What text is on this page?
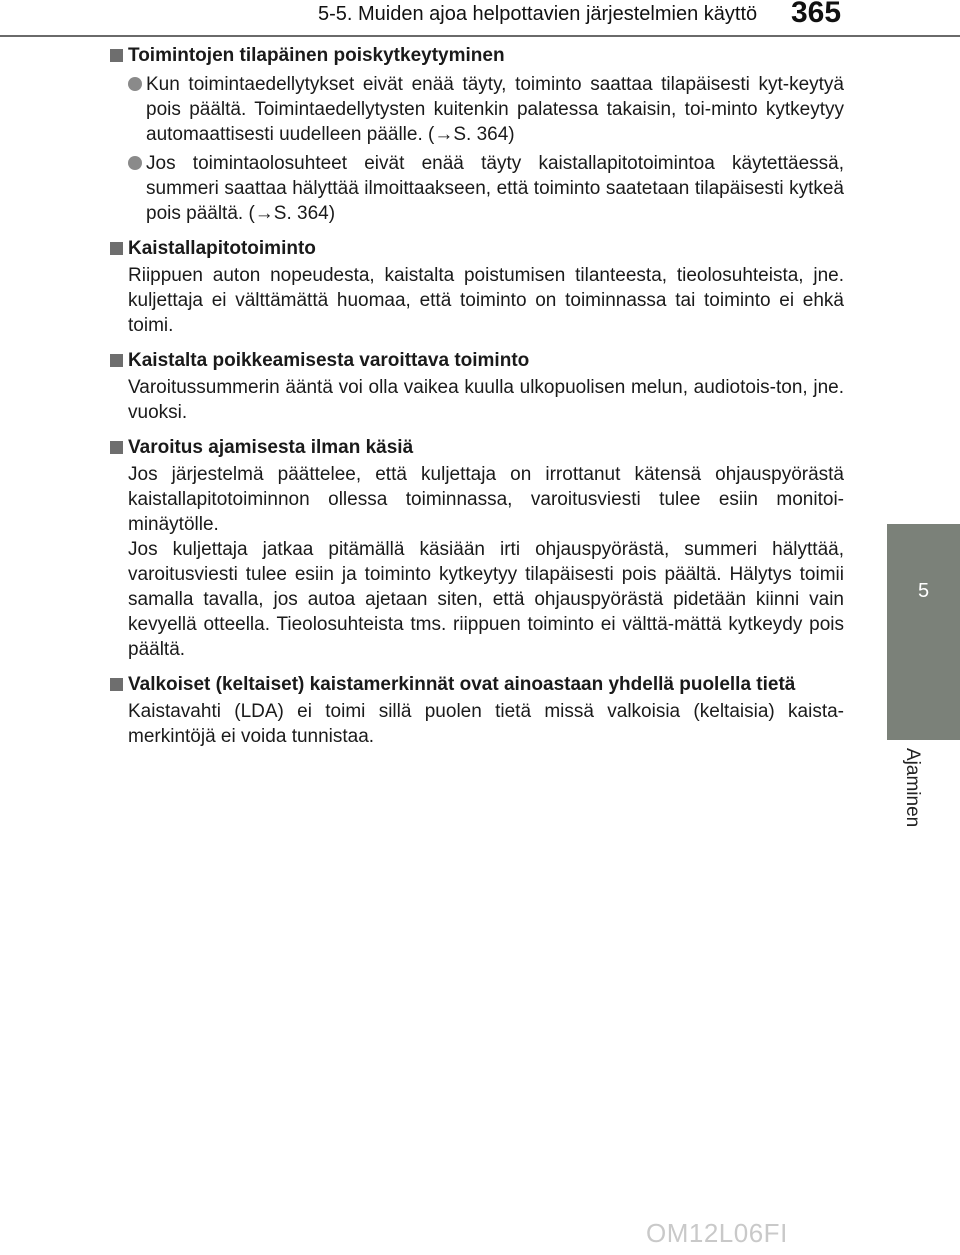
5-5. Muiden ajoa helpottavien järjestelmien käyttö 365
5
Ajaminen

Toimintojen tilapäinen poiskytkeytyminen

Kun toimintaedellytykset eivät enää täyty, toiminto saattaa tilapäisesti kyt-keytyä pois päältä. Toimintaedellytysten kuitenkin palatessa takaisin, toi-minto kytkeytyy automaattisesti uudelleen päälle. (→S. 364)
Jos toimintaolosuhteet eivät enää täyty kaistallapitotoimintoa käytettäessä, summeri saattaa hälyttää ilmoittaakseen, että toiminto saatetaan tilapäisesti kytkeä pois päältä. (→S. 364)

Kaistallapitotoiminto

Riippuen auton nopeudesta, kaistalta poistumisen tilanteesta, tieolosuhteista, jne. kuljettaja ei välttämättä huomaa, että toiminto on toiminnassa tai toiminto ei ehkä toimi.

Kaistalta poikkeamisesta varoittava toiminto

Varoitussummerin ääntä voi olla vaikea kuulla ulkopuolisen melun, audiotois-ton, jne. vuoksi.

Varoitus ajamisesta ilman käsiä

Jos järjestelmä päättelee, että kuljettaja on irrottanut kätensä ohjauspyörästä kaistallapitotoiminnon ollessa toiminnassa, varoitusviesti tulee esiin monitoi-minäytölle.

Jos kuljettaja jatkaa pitämällä käsiään irti ohjauspyörästä, summeri hälyttää, varoitusviesti tulee esiin ja toiminto kytkeytyy tilapäisesti pois päältä. Hälytys toimii samalla tavalla, jos autoa ajetaan siten, että ohjauspyörästä pidetään kiinni vain kevyellä otteella. Tieolosuhteista tms. riippuen toiminto ei välttä-mättä kytkeydy pois päältä.

Valkoiset (keltaiset) kaistamerkinnät ovat ainoastaan yhdellä puolella tietä

Kaistavahti (LDA) ei toimi sillä puolen tietä missä valkoisia (keltaisia) kaista-merkintöjä ei voida tunnistaa.

OM12L06FI
